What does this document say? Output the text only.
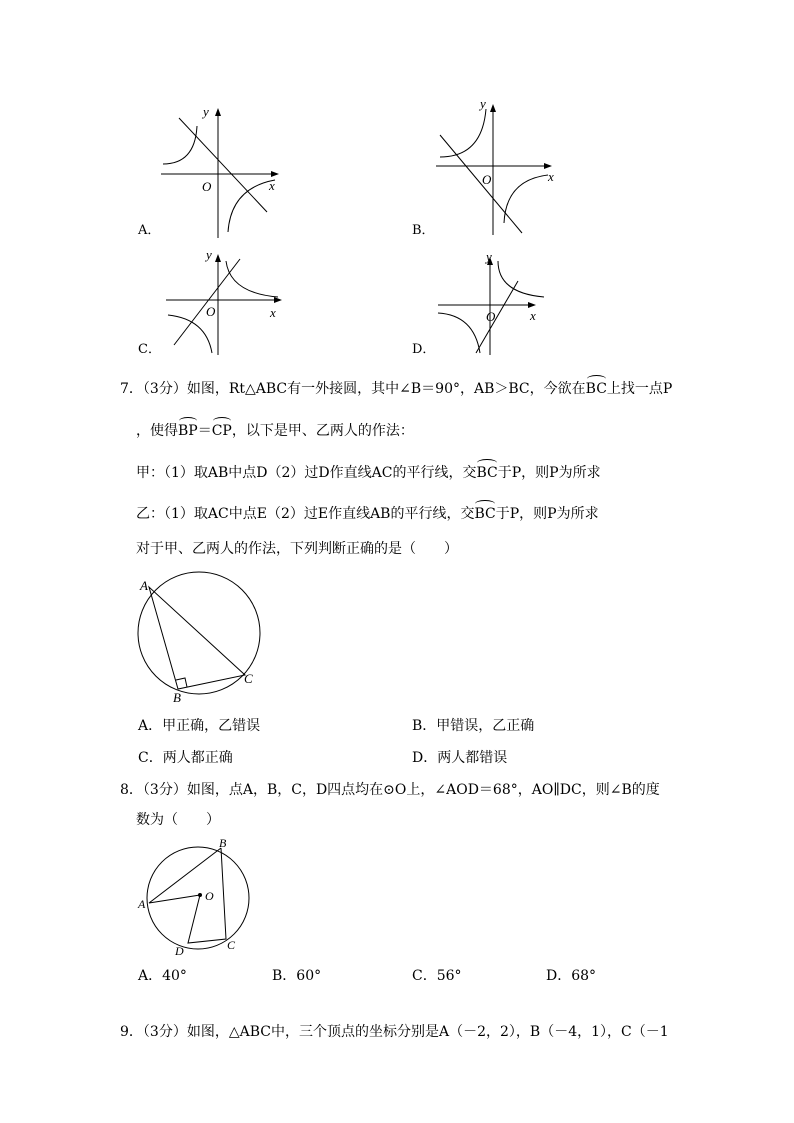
y
x
O
A．
y
x
O
B．
y
x
O
C．
y
x
O
D．
7．（3分）如图，Rt△ABC有一外接圆，其中∠B＝90°，AB＞BC，今欲在BC上找一点P
，使得BP＝CP，以下是甲、乙两人的作法：
甲：（1）取AB中点D（2）过D作直线AC的平行线，交BC于P，则P为所求
乙：（1）取AC中点E（2）过E作直线AB的平行线，交BC于P，则P为所求
对于甲、乙两人的作法，下列判断正确的是（　　）
A
B
C
A．甲正确，乙错误	B．甲错误，乙正确
C．两人都正确	D．两人都错误
8．（3分）如图，点A，B，C，D四点均在⊙O上，∠AOD＝68°，AO∥DC，则∠B的度
数为（　　）
B
A
O
D	C
A．40°	B．60°	C．56°	D．68°
9．（3分）如图，△ABC中，三个顶点的坐标分别是A（－2，2），B（－4，1），C（－1
